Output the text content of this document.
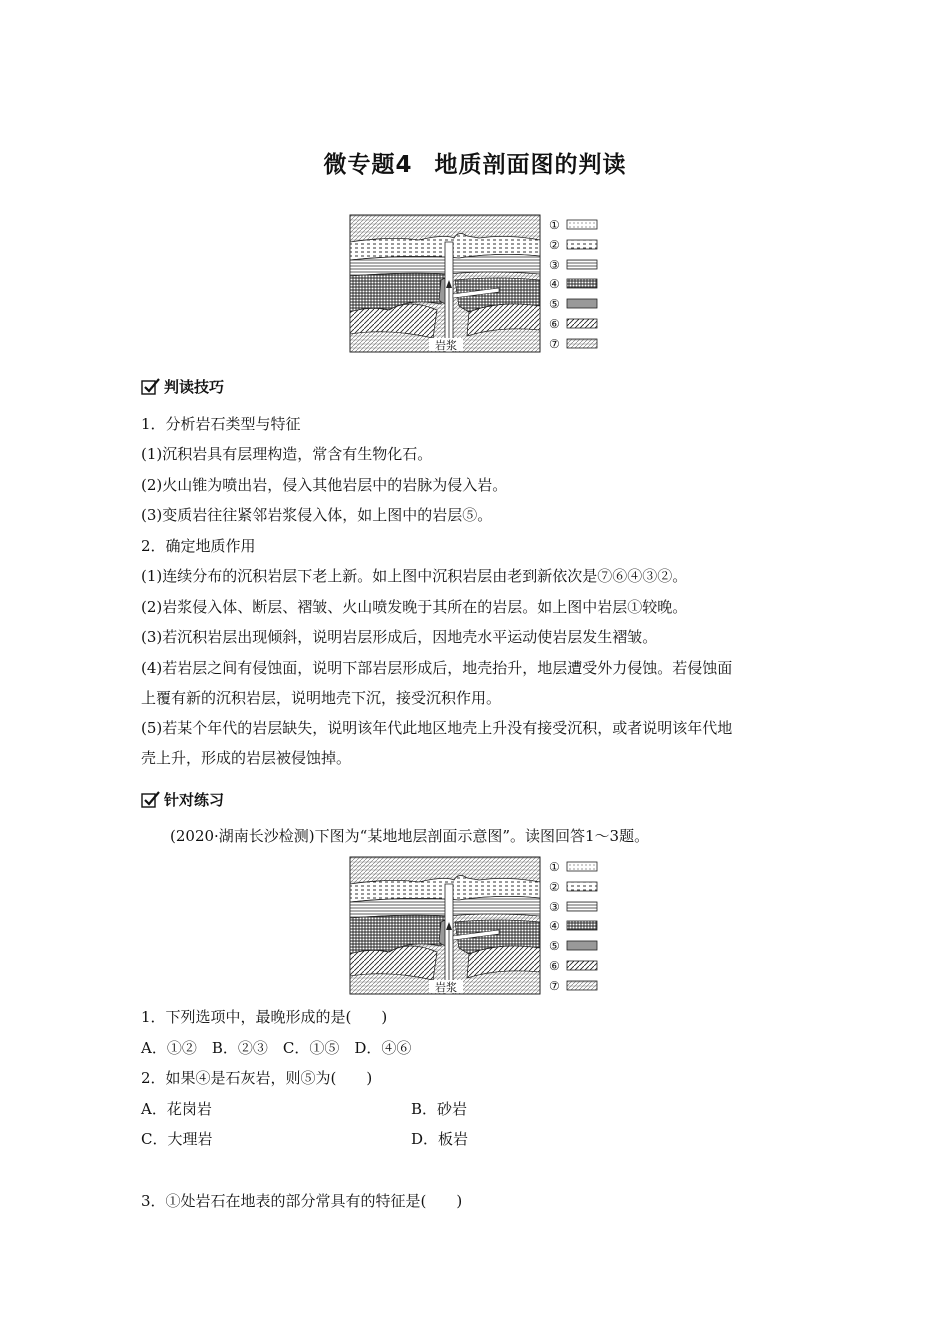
微专题4 地质剖面图的判读
岩浆
①
②
③
④
⑤
⑥
⑦
判读技巧
1．分析岩石类型与特征
(1)沉积岩具有层理构造，常含有生物化石。
(2)火山锥为喷出岩，侵入其他岩层中的岩脉为侵入岩。
(3)变质岩往往紧邻岩浆侵入体，如上图中的岩层⑤。
2．确定地质作用
(1)连续分布的沉积岩层下老上新。如上图中沉积岩层由老到新依次是⑦⑥④③②。
(2)岩浆侵入体、断层、褶皱、火山喷发晚于其所在的岩层。如上图中岩层①较晚。
(3)若沉积岩层出现倾斜，说明岩层形成后，因地壳水平运动使岩层发生褶皱。
(4)若岩层之间有侵蚀面，说明下部岩层形成后，地壳抬升，地层遭受外力侵蚀。若侵蚀面
上覆有新的沉积岩层，说明地壳下沉，接受沉积作用。
(5)若某个年代的岩层缺失，说明该年代此地区地壳上升没有接受沉积，或者说明该年代地
壳上升，形成的岩层被侵蚀掉。
针对练习
(2020·湖南长沙检测)下图为“某地地层剖面示意图”。读图回答1～3题。
岩浆
①
②
③
④
⑤
⑥
⑦
1．下列选项中，最晚形成的是(　　)
A．①②　B．②③　C．①⑤　D．④⑥
2．如果④是石灰岩，则⑤为(　　)
A．花岗岩	B．砂岩
C．大理岩	D．板岩
3．①处岩石在地表的部分常具有的特征是(　　)
